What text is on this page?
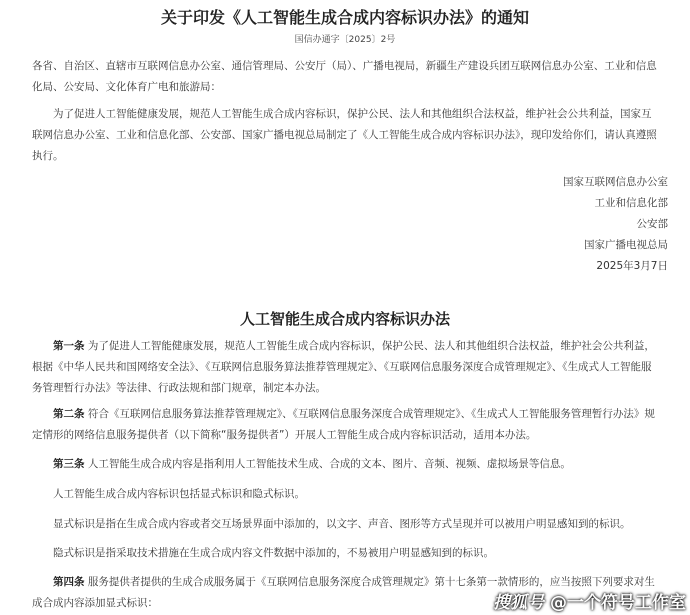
关于印发《人工智能生成合成内容标识办法》的通知
国信办通字〔2025〕2号

各省、自治区、直辖市互联网信息办公室、通信管理局、公安厅（局）、广播电视局，新疆生产建设兵团互联网信息办公室、工业和信息化局、公安局、文化体育广电和旅游局：

为了促进人工智能健康发展，规范人工智能生成合成内容标识，保护公民、法人和其他组织合法权益，维护社会公共利益，国家互联网信息办公室、工业和信息化部、公安部、国家广播电视总局制定了《人工智能生成合成内容标识办法》，现印发给你们，请认真遵照执行。

国家互联网信息办公室
工业和信息化部
公安部
国家广播电视总局
2025年3月7日
人工智能生成合成内容标识办法

第一条 为了促进人工智能健康发展，规范人工智能生成合成内容标识，保护公民、法人和其他组织合法权益，维护社会公共利益，根据《中华人民共和国网络安全法》、《互联网信息服务算法推荐管理规定》、《互联网信息服务深度合成管理规定》、《生成式人工智能服务管理暂行办法》等法律、行政法规和部门规章，制定本办法。

第二条 符合《互联网信息服务算法推荐管理规定》、《互联网信息服务深度合成管理规定》、《生成式人工智能服务管理暂行办法》规定情形的网络信息服务提供者（以下简称“服务提供者”）开展人工智能生成合成内容标识活动，适用本办法。

第三条 人工智能生成合成内容是指利用人工智能技术生成、合成的文本、图片、音频、视频、虚拟场景等信息。

人工智能生成合成内容标识包括显式标识和隐式标识。

显式标识是指在生成合成内容或者交互场景界面中添加的，以文字、声音、图形等方式呈现并可以被用户明显感知到的标识。

隐式标识是指采取技术措施在生成合成内容文件数据中添加的，不易被用户明显感知到的标识。

第四条 服务提供者提供的生成合成服务属于《互联网信息服务深度合成管理规定》第十七条第一款情形的，应当按照下列要求对生成合成内容添加显式标识：	搜狐号 @一个符号工作室
